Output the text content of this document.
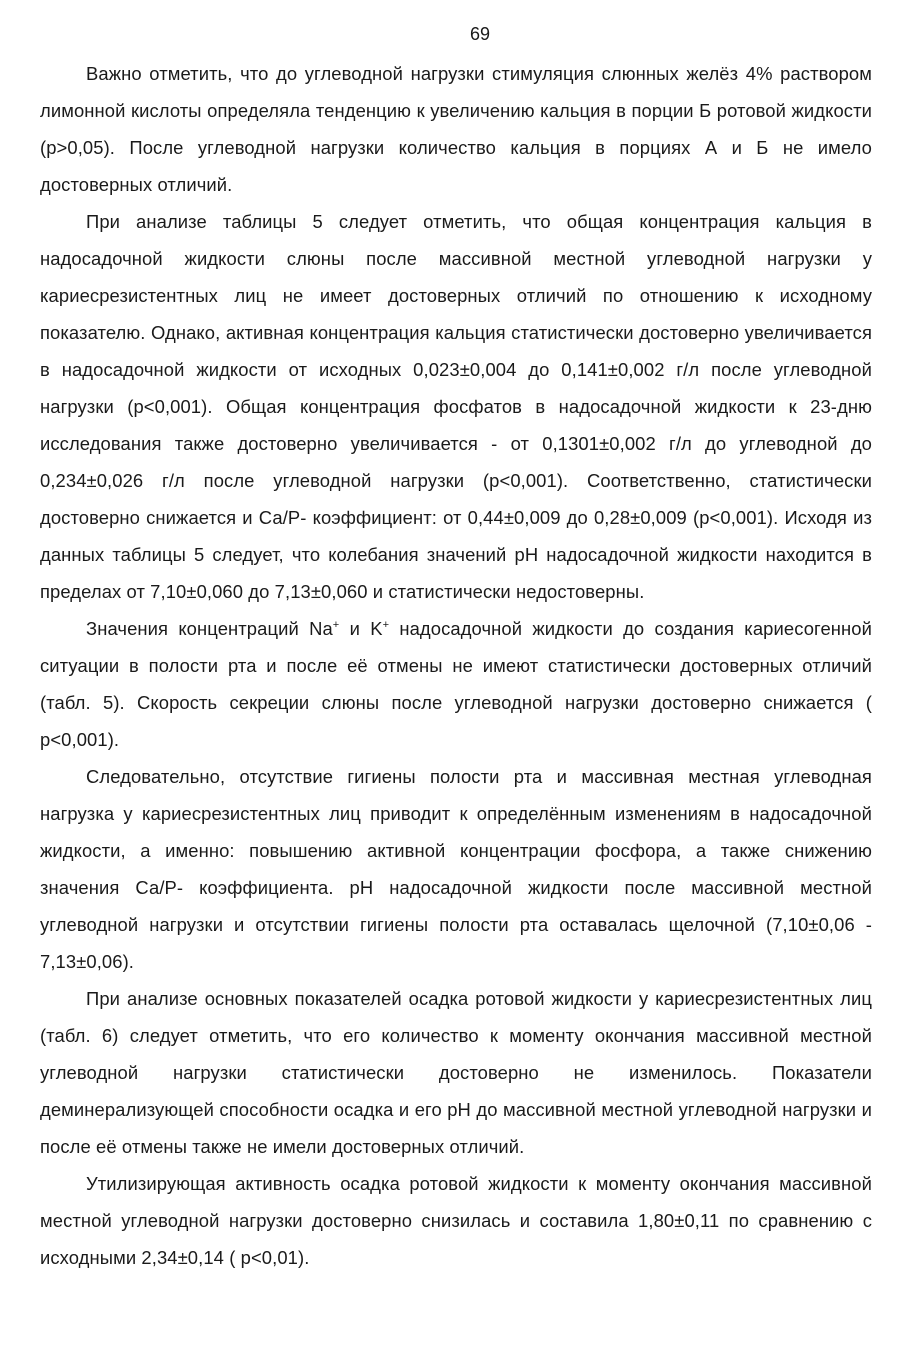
69

Важно отметить, что до углеводной нагрузки стимуляция слюнных желёз 4% раствором лимонной кислоты определяла тенденцию к увеличению кальция в порции Б ротовой жидкости (р>0,05). После углеводной нагрузки количество кальция в порциях А и Б не имело достоверных отличий.

При анализе таблицы 5 следует отметить, что общая концентрация кальция в надосадочной жидкости слюны после массивной местной углеводной нагрузки у кариесрезистентных лиц не имеет достоверных отличий по отношению к исходному показателю. Однако, активная концентрация кальция статистически достоверно увеличивается в надосадочной жидкости от исходных 0,023±0,004 до 0,141±0,002 г/л после углеводной нагрузки (р<0,001). Общая концентрация фосфатов в надосадочной жидкости к 23-дню исследования также достоверно увеличивается - от 0,1301±0,002 г/л до углеводной до 0,234±0,026 г/л после углеводной нагрузки (р<0,001). Соответственно, статистически достоверно снижается и Са/Р- коэффициент: от 0,44±0,009 до 0,28±0,009 (р<0,001). Исходя из данных таблицы 5 следует, что колебания значений рН надосадочной жидкости находится в пределах от 7,10±0,060 до 7,13±0,060 и статистически недостоверны.

Значения концентраций Na+ и K+ надосадочной жидкости до создания кариесогенной ситуации в полости рта и после её отмены не имеют статистически достоверных отличий (табл. 5). Скорость секреции слюны после углеводной нагрузки достоверно снижается ( р<0,001).

Следовательно, отсутствие гигиены полости рта и массивная местная углеводная нагрузка у кариесрезистентных лиц приводит к определённым изменениям в надосадочной жидкости, а именно: повышению активной концентрации фосфора, а также снижению значения Са/Р- коэффициента. рН надосадочной жидкости после массивной местной углеводной нагрузки и отсутствии гигиены полости рта оставалась щелочной (7,10±0,06 - 7,13±0,06).

При анализе основных показателей осадка ротовой жидкости у кариесрезистентных лиц (табл. 6) следует отметить, что его количество к моменту окончания массивной местной углеводной нагрузки статистически достоверно не изменилось. Показатели деминерализующей способности осадка и его рН до массивной местной углеводной нагрузки и после её отмены также не имели достоверных отличий.

Утилизирующая активность осадка ротовой жидкости к моменту окончания массивной местной углеводной нагрузки достоверно снизилась и составила 1,80±0,11 по сравнению с исходными 2,34±0,14 ( р<0,01).
